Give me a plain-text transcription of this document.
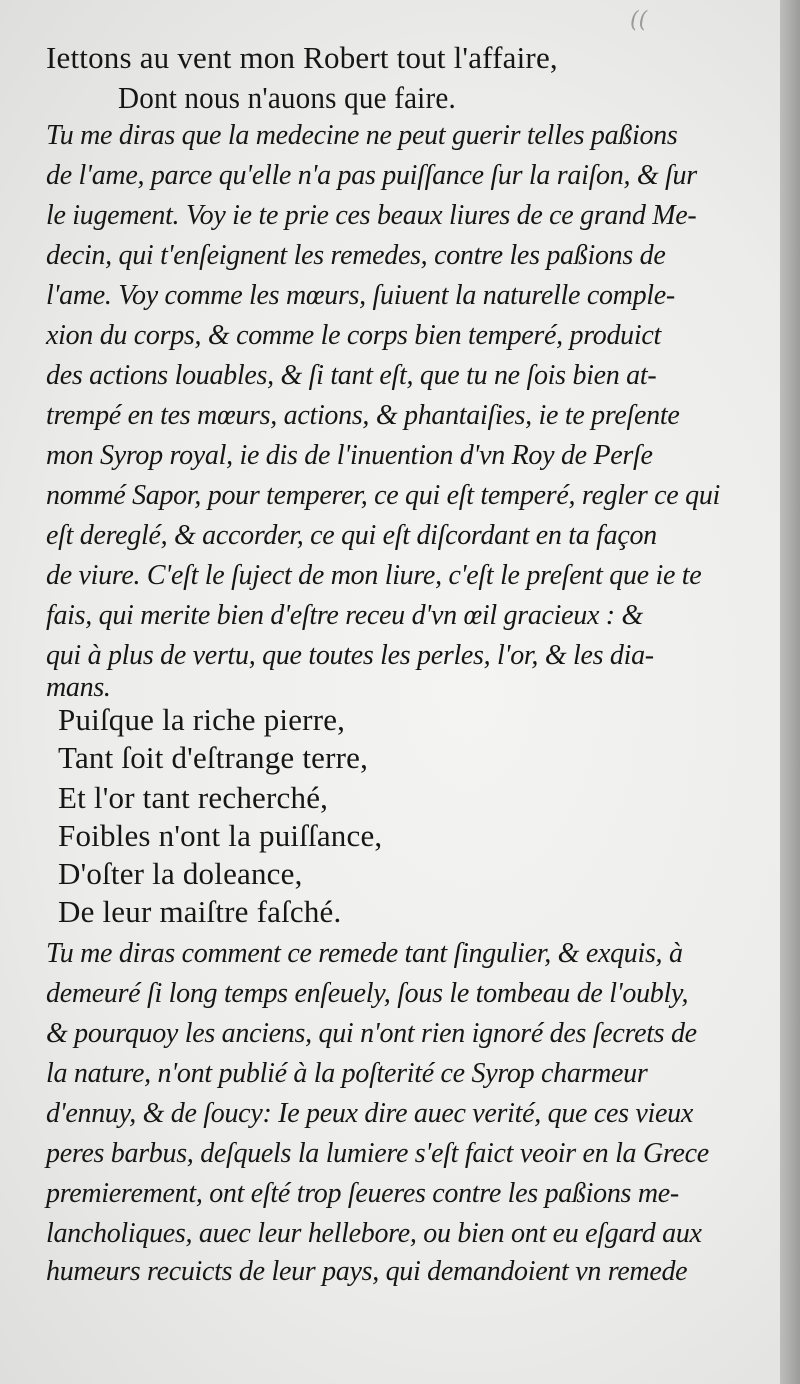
((
Iettons au vent mon Robert tout l'affaire,
Dont nous n'auons que faire.
Tu me diras que la medecine ne peut guerir telles paßions
de l'ame, parce qu'elle n'a pas puiſſance ſur la raiſon, & ſur
le iugement. Voy ie te prie ces beaux liures de ce grand Me-
decin, qui t'enſeignent les remedes, contre les paßions de
l'ame. Voy comme les mœurs, ſuiuent la naturelle comple-
xion du corps, & comme le corps bien temperé, produict
des actions louables, & ſi tant eſt, que tu ne ſois bien at-
trempé en tes mœurs, actions, & phantaiſies, ie te preſente
mon Syrop royal, ie dis de l'inuention d'vn Roy de Perſe
nommé Sapor, pour temperer, ce qui eſt temperé, regler ce qui
eſt dereglé, & accorder, ce qui eſt diſcordant en ta façon
de viure. C'eſt le ſuject de mon liure, c'eſt le preſent que ie te
fais, qui merite bien d'eſtre receu d'vn œil gracieux : &
qui à plus de vertu, que toutes les perles, l'or, & les dia-
mans.
Puiſque la riche pierre,
Tant ſoit d'eſtrange terre,
Et l'or tant recherché,
Foibles n'ont la puiſſance,
D'oſter la doleance,
De leur maiſtre faſché.
Tu me diras comment ce remede tant ſingulier, & exquis, à
demeuré ſi long temps enſeuely, ſous le tombeau de l'oubly,
& pourquoy les anciens, qui n'ont rien ignoré des ſecrets de
la nature, n'ont publié à la poſterité ce Syrop charmeur
d'ennuy, & de ſoucy: Ie peux dire auec verité, que ces vieux
peres barbus, deſquels la lumiere s'eſt faict veoir en la Grece
premierement, ont eſté trop ſeueres contre les paßions me-
lancholiques, auec leur hellebore, ou bien ont eu eſgard aux
humeurs recuicts de leur pays, qui demandoient vn remede
